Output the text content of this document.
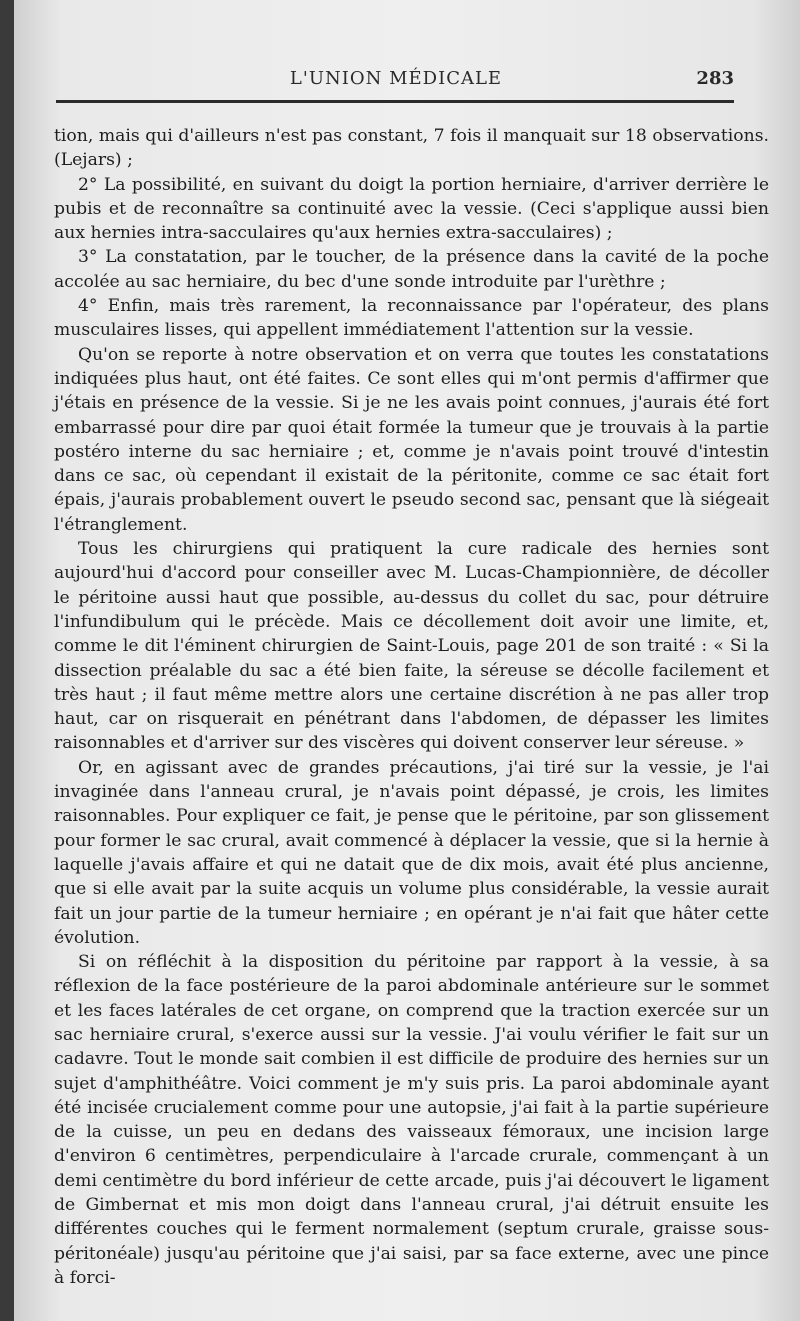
L'UNION MÉDICALE	283

tion, mais qui d'ailleurs n'est pas constant, 7 fois il manquait sur 18 observations. (Lejars) ;

2° La possibilité, en suivant du doigt la portion herniaire, d'arriver derrière le pubis et de reconnaître sa continuité avec la vessie. (Ceci s'applique aussi bien aux hernies intra-sacculaires qu'aux hernies extra-sacculaires) ;

3° La constatation, par le toucher, de la présence dans la cavité de la poche accolée au sac herniaire, du bec d'une sonde introduite par l'urèthre ;

4° Enfin, mais très rarement, la reconnaissance par l'opérateur, des plans musculaires lisses, qui appellent immédiatement l'attention sur la vessie.

Qu'on se reporte à notre observation et on verra que toutes les constatations indiquées plus haut, ont été faites. Ce sont elles qui m'ont permis d'affirmer que j'étais en présence de la vessie. Si je ne les avais point connues, j'aurais été fort embarrassé pour dire par quoi était formée la tumeur que je trouvais à la partie postéro interne du sac herniaire ; et, comme je n'avais point trouvé d'intestin dans ce sac, où cependant il existait de la péritonite, comme ce sac était fort épais, j'aurais probablement ouvert le pseudo second sac, pensant que là siégeait l'étranglement.

Tous les chirurgiens qui pratiquent la cure radicale des hernies sont aujourd'hui d'accord pour conseiller avec M. Lucas-Championnière, de décoller le péritoine aussi haut que possible, au-dessus du collet du sac, pour détruire l'infundibulum qui le précède. Mais ce décollement doit avoir une limite, et, comme le dit l'éminent chirurgien de Saint-Louis, page 201 de son traité : « Si la dissection préalable du sac a été bien faite, la séreuse se décolle facilement et très haut ; il faut même mettre alors une certaine discrétion à ne pas aller trop haut, car on risquerait en pénétrant dans l'abdomen, de dépasser les limites raisonnables et d'arriver sur des viscères qui doivent conserver leur séreuse. »

Or, en agissant avec de grandes précautions, j'ai tiré sur la vessie, je l'ai invaginée dans l'anneau crural, je n'avais point dépassé, je crois, les limites raisonnables. Pour expliquer ce fait, je pense que le péritoine, par son glissement pour former le sac crural, avait commencé à déplacer la vessie, que si la hernie à laquelle j'avais affaire et qui ne datait que de dix mois, avait été plus ancienne, que si elle avait par la suite acquis un volume plus considérable, la vessie aurait fait un jour partie de la tumeur herniaire ; en opérant je n'ai fait que hâter cette évolution.

Si on réfléchit à la disposition du péritoine par rapport à la vessie, à sa réflexion de la face postérieure de la paroi abdominale antérieure sur le sommet et les faces latérales de cet organe, on comprend que la traction exercée sur un sac herniaire crural, s'exerce aussi sur la vessie. J'ai voulu vérifier le fait sur un cadavre. Tout le monde sait combien il est difficile de produire des hernies sur un sujet d'amphithéâtre. Voici comment je m'y suis pris. La paroi abdominale ayant été incisée crucialement comme pour une autopsie, j'ai fait à la partie supérieure de la cuisse, un peu en dedans des vaisseaux fémoraux, une incision large d'environ 6 centimètres, perpendiculaire à l'arcade crurale, commençant à un demi centimètre du bord inférieur de cette arcade, puis j'ai découvert le ligament de Gimbernat et mis mon doigt dans l'anneau crural, j'ai détruit ensuite les différentes couches qui le ferment normalement (septum crurale, graisse sous-péritonéale) jusqu'au péritoine que j'ai saisi, par sa face externe, avec une pince à forci-
